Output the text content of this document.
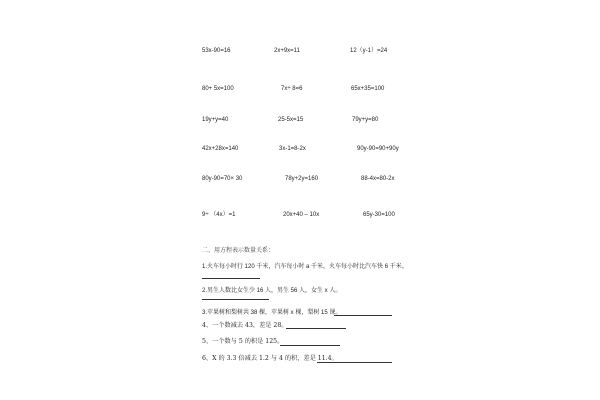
53x-90=16	2x+9x=11	12（y-1）=24
80+ 5x=100	7x÷ 8=6	65x+35=100
19y+y=40	25-5x=15	79y+y=80
42x+28x=140	3x-1=8-2x	90y-90=90+90y
80y-90=70× 30	78y+2y=160	88-4x=80-2x
9÷ （4x）=1	20x+40 – 10x	65y-30=100
二、用方程表示数量关系：
1.火车每小时行 120 千米，汽车每小时 a 千米，火车每小时比汽车快 6 千米。
2.男生人数比女生少 16 人，男生 56 人，女生 x 人。
3.苹果树和梨树共 38 棵，苹果树 x 棵，梨树 15 课。
4、一个数减去 43，差是 28。
5、一个数与 5 的积是 125。
6、X 的 3.3 倍减去 1.2 与 4 的积，差是 11.4。
